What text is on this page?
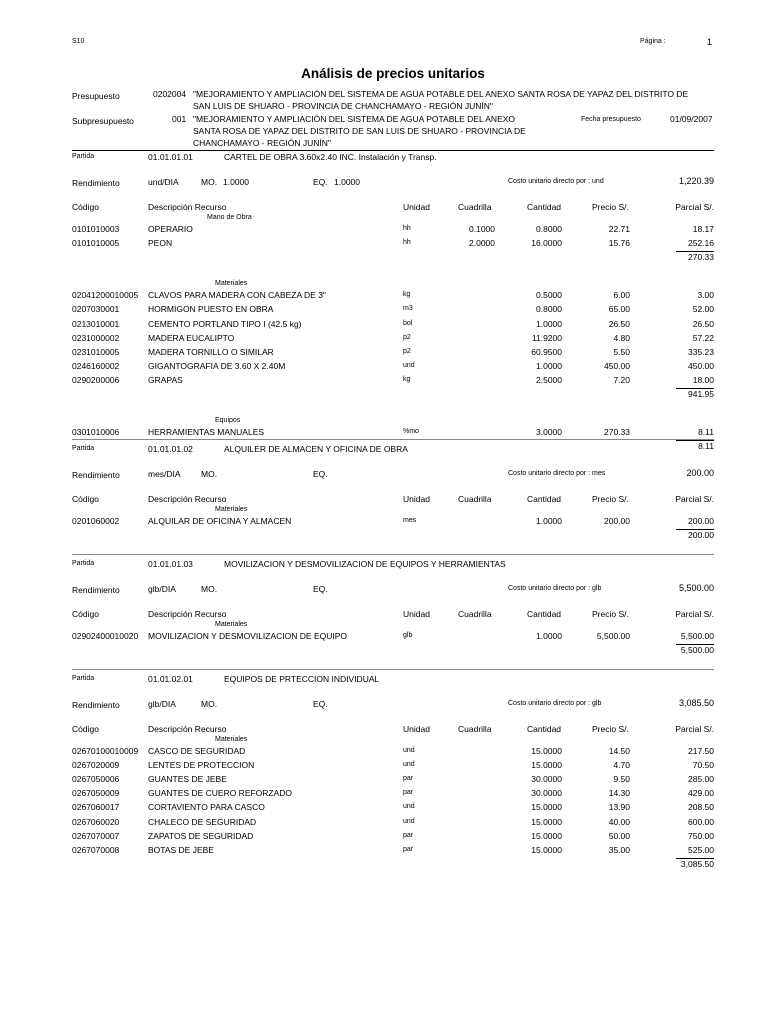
S10	Página :	1
Análisis de precios unitarios
Presupuesto	0202004 "MEJORAMIENTO Y AMPLIACIÓN DEL SISTEMA DE AGUA POTABLE DEL ANEXO SANTA ROSA DE YAPAZ DEL DISTRITO DE
SAN LUIS DE SHUARO - PROVINCIA DE CHANCHAMAYO - REGIÓN JUNÍN"
Subpresupuesto	001 "MEJORAMIENTO Y AMPLIACIÓN DEL SISTEMA DE AGUA POTABLE DEL ANEXO
SANTA ROSA DE YAPAZ DEL DISTRITO DE SAN LUIS DE SHUARO - PROVINCIA DE
CHANCHAMAYO - REGIÓN JUNÍN"
Fecha presupuesto	01/09/2007
Partida	01.01.01.01	CARTEL DE OBRA 3.60x2.40 INC. Instalación y Transp.
Rendimiento	und/DIA	MO. 1.0000	EQ. 1.0000	Costo unitario directo por : und	1,220.39
Código	Descripción Recurso	Unidad	Cuadrilla	Cantidad	Precio S/.	Parcial S/.
Mano de Obra
0101010003	OPERARIO	hh	0.1000	0.8000	22.71	18.17
0101010005	PEON	hh	2.0000	16.0000	15.76	252.16
270.33
Materiales
02041200010005 CLAVOS PARA MADERA CON CABEZA DE 3"	kg	0.5000	6.00	3.00
0207030001	HORMIGON PUESTO EN OBRA	m3	0.8000	65.00	52.00
0213010001	CEMENTO PORTLAND TIPO I (42.5 kg)	bol	1.0000	26.50	26.50
0231000002	MADERA EUCALIPTO	p2	11.9200	4.80	57.22
0231010005	MADERA TORNILLO O SIMILAR	p2	60.9500	5.50	335.23
0246160002	GIGANTOGRAFIA DE 3.60 X 2.40M	und	1.0000	450.00	450.00
0290200006	GRAPAS	kg	2.5000	7.20	18.00
941.95
Equipos
0301010006	HERRAMIENTAS MANUALES	%mo	3.0000	270.33	8.11
8.11
Partida	01.01.01.02	ALQUILER DE ALMACEN Y OFICINA DE OBRA
Rendimiento	mes/DIA MO.	EQ.	Costo unitario directo por : mes	200.00
Código	Descripción Recurso	Unidad	Cuadrilla	Cantidad	Precio S/.	Parcial S/.
Materiales
0201060002	ALQUILAR DE OFICINA Y ALMACEN	mes	1.0000	200.00	200.00
200.00
Partida	01.01.01.03	MOVILIZACION Y DESMOVILIZACION DE EQUIPOS Y HERRAMIENTAS
Rendimiento	glb/DIA	MO.	EQ.	Costo unitario directo por : glb	5,500.00
Código	Descripción Recurso	Unidad	Cuadrilla	Cantidad	Precio S/.	Parcial S/.
Materiales
02902400010020 MOVILIZACION Y DESMOVILIZACION DE EQUIPO	glb	1.0000	5,500.00	5,500.00
5,500.00
Partida	01.01.02.01	EQUIPOS DE PRTECCION INDIVIDUAL
Rendimiento	glb/DIA	MO.	EQ.	Costo unitario directo por : glb	3,085.50
Código	Descripción Recurso	Unidad	Cuadrilla	Cantidad	Precio S/.	Parcial S/.
Materiales
02670100010009 CASCO DE SEGURIDAD	und	15.0000	14.50	217.50
0267020009	LENTES DE PROTECCION	und	15.0000	4.70	70.50
0267050006	GUANTES DE JEBE	par	30.0000	9.50	285.00
0267050009	GUANTES DE CUERO REFORZADO	par	30.0000	14.30	429.00
0267060017	CORTAVIENTO PARA CASCO	und	15.0000	13.90	208.50
0267060020	CHALECO DE SEGURIDAD	und	15.0000	40.00	600.00
0267070007	ZAPATOS DE SEGURIDAD	par	15.0000	50.00	750.00
0267070008	BOTAS DE JEBE	par	15.0000	35.00	525.00
3,085.50
